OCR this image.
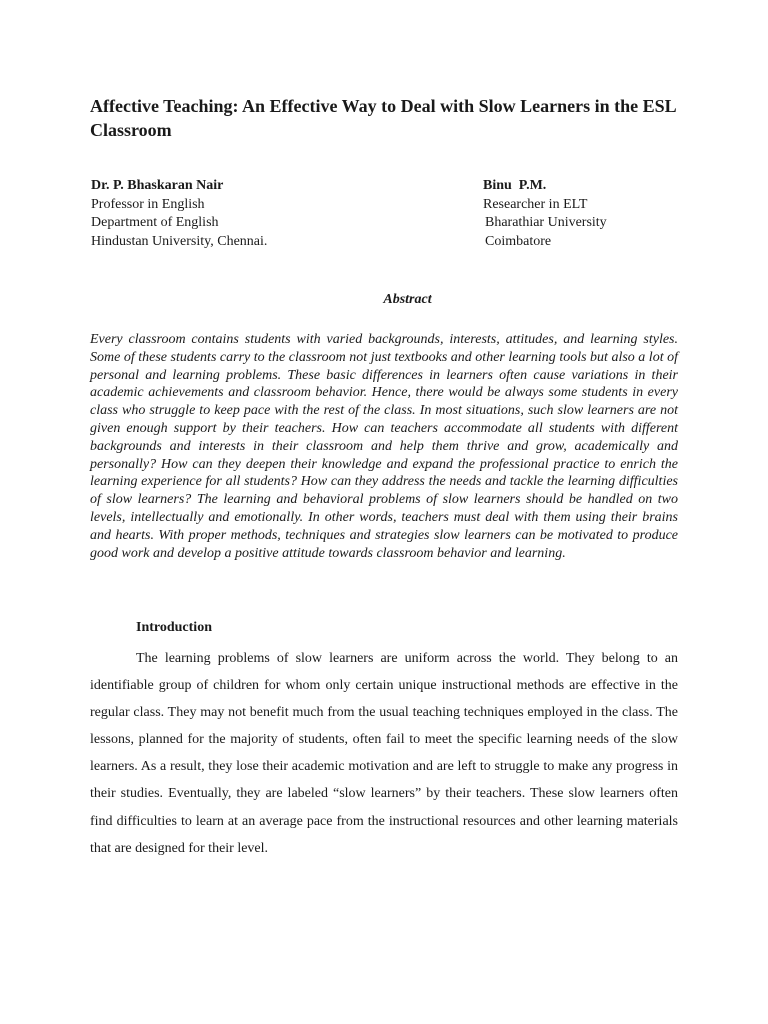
Affective Teaching: An Effective Way to Deal with Slow Learners in the ESL Classroom
Dr. P. Bhaskaran Nair
Professor in English
Department of English
Hindustan University, Chennai.
Binu  P.M.
Researcher in ELT
Bharathiar University
Coimbatore
Abstract

Every classroom contains students with varied backgrounds, interests, attitudes, and learning styles. Some of these students carry to the classroom not just textbooks and other learning tools but also a lot of personal and learning problems. These basic differences in learners often cause variations in their academic achievements and classroom behavior. Hence, there would be always some students in every class who struggle to keep pace with the rest of the class. In most situations, such slow learners are not given enough support by their teachers. How can teachers accommodate all students with different backgrounds and interests in their classroom and help them thrive and grow, academically and personally? How can they deepen their knowledge and expand the professional practice to enrich the learning experience for all students? How can they address the needs and tackle the learning difficulties of slow learners? The learning and behavioral problems of slow learners should be handled on two levels, intellectually and emotionally. In other words, teachers must deal with them using their brains and hearts. With proper methods, techniques and strategies slow learners can be motivated to produce good work and develop a positive attitude towards classroom behavior and learning.

Introduction

The learning problems of slow learners are uniform across the world. They belong to an identifiable group of children for whom only certain unique instructional methods are effective in the regular class. They may not benefit much from the usual teaching techniques employed in the class. The lessons, planned for the majority of students, often fail to meet the specific learning needs of the slow learners. As a result, they lose their academic motivation and are left to struggle to make any progress in their studies. Eventually, they are labeled “slow learners” by their teachers. These slow learners often find difficulties to learn at an average pace from the instructional resources and other learning materials that are designed for their level.
